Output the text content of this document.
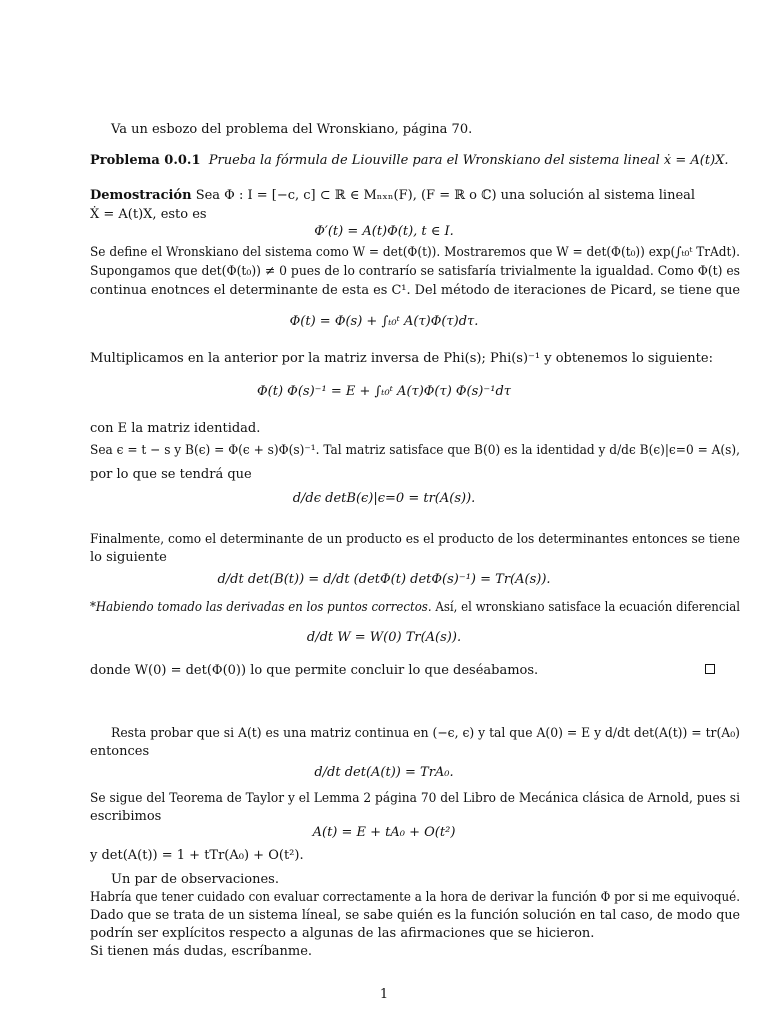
Va un esbozo del problema del Wronskiano, página 70.
Problema 0.0.1 Prueba la fórmula de Liouville para el Wronskiano del sistema lineal ẋ = A(t)X.
Demostración Sea Φ : I = [−c, c] ⊂ ℝ ∈ Mₙₓₙ(F), (F = ℝ o ℂ) una solución al sistema lineal
Ẋ = A(t)X, esto es
Φ′(t) = A(t)Φ(t), t ∈ I.
Se define el Wronskiano del sistema como W = det(Φ(t)). Mostraremos que W = det(Φ(t₀)) exp(∫ₜ₀ᵗ TrAdt).
Supongamos que det(Φ(t₀)) ≠ 0 pues de lo contrarío se satisfaría trivialmente la igualdad. Como Φ(t) es
continua enotnces el determinante de esta es C¹. Del método de iteraciones de Picard, se tiene que
Φ(t) = Φ(s) + ∫ₜ₀ᵗ A(τ)Φ(τ)dτ.
Multiplicamos en la anterior por la matriz inversa de Phi(s); Phi(s)⁻¹ y obtenemos lo siguiente:
Φ(t) Φ(s)⁻¹ = E + ∫ₜ₀ᵗ A(τ)Φ(τ) Φ(s)⁻¹dτ
con E la matriz identidad.
Sea ϵ = t − s y B(ϵ) = Φ(ϵ + s)Φ(s)⁻¹. Tal matriz satisface que B(0) es la identidad y d/dϵ B(ϵ)|ϵ=0 = A(s),
por lo que se tendrá que
d/dϵ detB(ϵ)|ϵ=0 = tr(A(s)).
Finalmente, como el determinante de un producto es el producto de los determinantes entonces se tiene
lo siguiente
d/dt det(B(t)) = d/dt (detΦ(t) detΦ(s)⁻¹) = Tr(A(s)).
*Habiendo tomado las derivadas en los puntos correctos. Así, el wronskiano satisface la ecuación diferencial
d/dt W = W(0) Tr(A(s)).
donde W(0) = det(Φ(0)) lo que permite concluir lo que deséabamos.
Resta probar que si A(t) es una matriz continua en (−ϵ, ϵ) y tal que A(0) = E y d/dt det(A(t)) = tr(A₀)
entonces
d/dt det(A(t)) = TrA₀.
Se sigue del Teorema de Taylor y el Lemma 2 página 70 del Libro de Mecánica clásica de Arnold, pues si
escribimos
A(t) = E + tA₀ + O(t²)
y det(A(t)) = 1 + tTr(A₀) + O(t²).
Un par de observaciones.
Habría que tener cuidado con evaluar correctamente a la hora de derivar la función Φ por si me equivoqué.
Dado que se trata de un sistema líneal, se sabe quién es la función solución en tal caso, de modo que
podrín ser explícitos respecto a algunas de las afirmaciones que se hicieron.
Si tienen más dudas, escríbanme.
1
